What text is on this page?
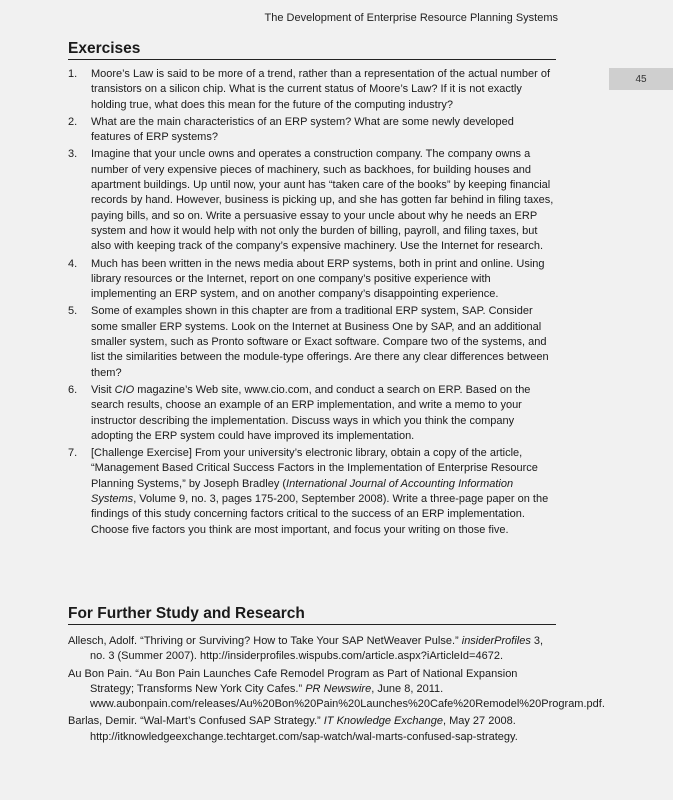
The Development of Enterprise Resource Planning Systems
45
Exercises
1.	Moore’s Law is said to be more of a trend, rather than a representation of the actual number of transistors on a silicon chip. What is the current status of Moore’s Law? If it is not exactly holding true, what does this mean for the future of the computing industry?
2.	What are the main characteristics of an ERP system? What are some newly developed features of ERP systems?
3.	Imagine that your uncle owns and operates a construction company. The company owns a number of very expensive pieces of machinery, such as backhoes, for building houses and apartment buildings. Up until now, your aunt has “taken care of the books” by keeping financial records by hand. However, business is picking up, and she has gotten far behind in filing taxes, paying bills, and so on. Write a persuasive essay to your uncle about why he needs an ERP system and how it would help with not only the burden of billing, payroll, and filing taxes, but also with keeping track of the company’s expensive machinery. Use the Internet for research.
4.	Much has been written in the news media about ERP systems, both in print and online. Using library resources or the Internet, report on one company’s positive experience with implementing an ERP system, and on another company’s disappointing experience.
5.	Some of examples shown in this chapter are from a traditional ERP system, SAP. Consider some smaller ERP systems. Look on the Internet at Business One by SAP, and an additional smaller system, such as Pronto software or Exact software. Compare two of the systems, and list the similarities between the module-type offerings. Are there any clear differences between them?
6.	Visit CIO magazine’s Web site, www.cio.com, and conduct a search on ERP. Based on the search results, choose an example of an ERP implementation, and write a memo to your instructor describing the implementation. Discuss ways in which you think the company adopting the ERP system could have improved its implementation.
7.	[Challenge Exercise] From your university’s electronic library, obtain a copy of the article, “Management Based Critical Success Factors in the Implementation of Enterprise Resource Planning Systems,” by Joseph Bradley (International Journal of Accounting Information Systems, Volume 9, no. 3, pages 175-200, September 2008). Write a three-page paper on the findings of this study concerning factors critical to the success of an ERP implementation. Choose five factors you think are most important, and focus your writing on those five.
For Further Study and Research
Allesch, Adolf. “Thriving or Surviving? How to Take Your SAP NetWeaver Pulse.” insiderProfiles 3, no. 3 (Summer 2007). http://insiderprofiles.wispubs.com/article.aspx?iArticleId=4672.
Au Bon Pain. “Au Bon Pain Launches Cafe Remodel Program as Part of National Expansion Strategy; Transforms New York City Cafes.” PR Newswire, June 8, 2011. www.aubonpain.com/releases/Au%20Bon%20Pain%20Launches%20Cafe%20Remodel%20Program.pdf.
Barlas, Demir. “Wal-Mart’s Confused SAP Strategy.” IT Knowledge Exchange, May 27 2008. http://itknowledgeexchange.techtarget.com/sap-watch/wal-marts-confused-sap-strategy.
